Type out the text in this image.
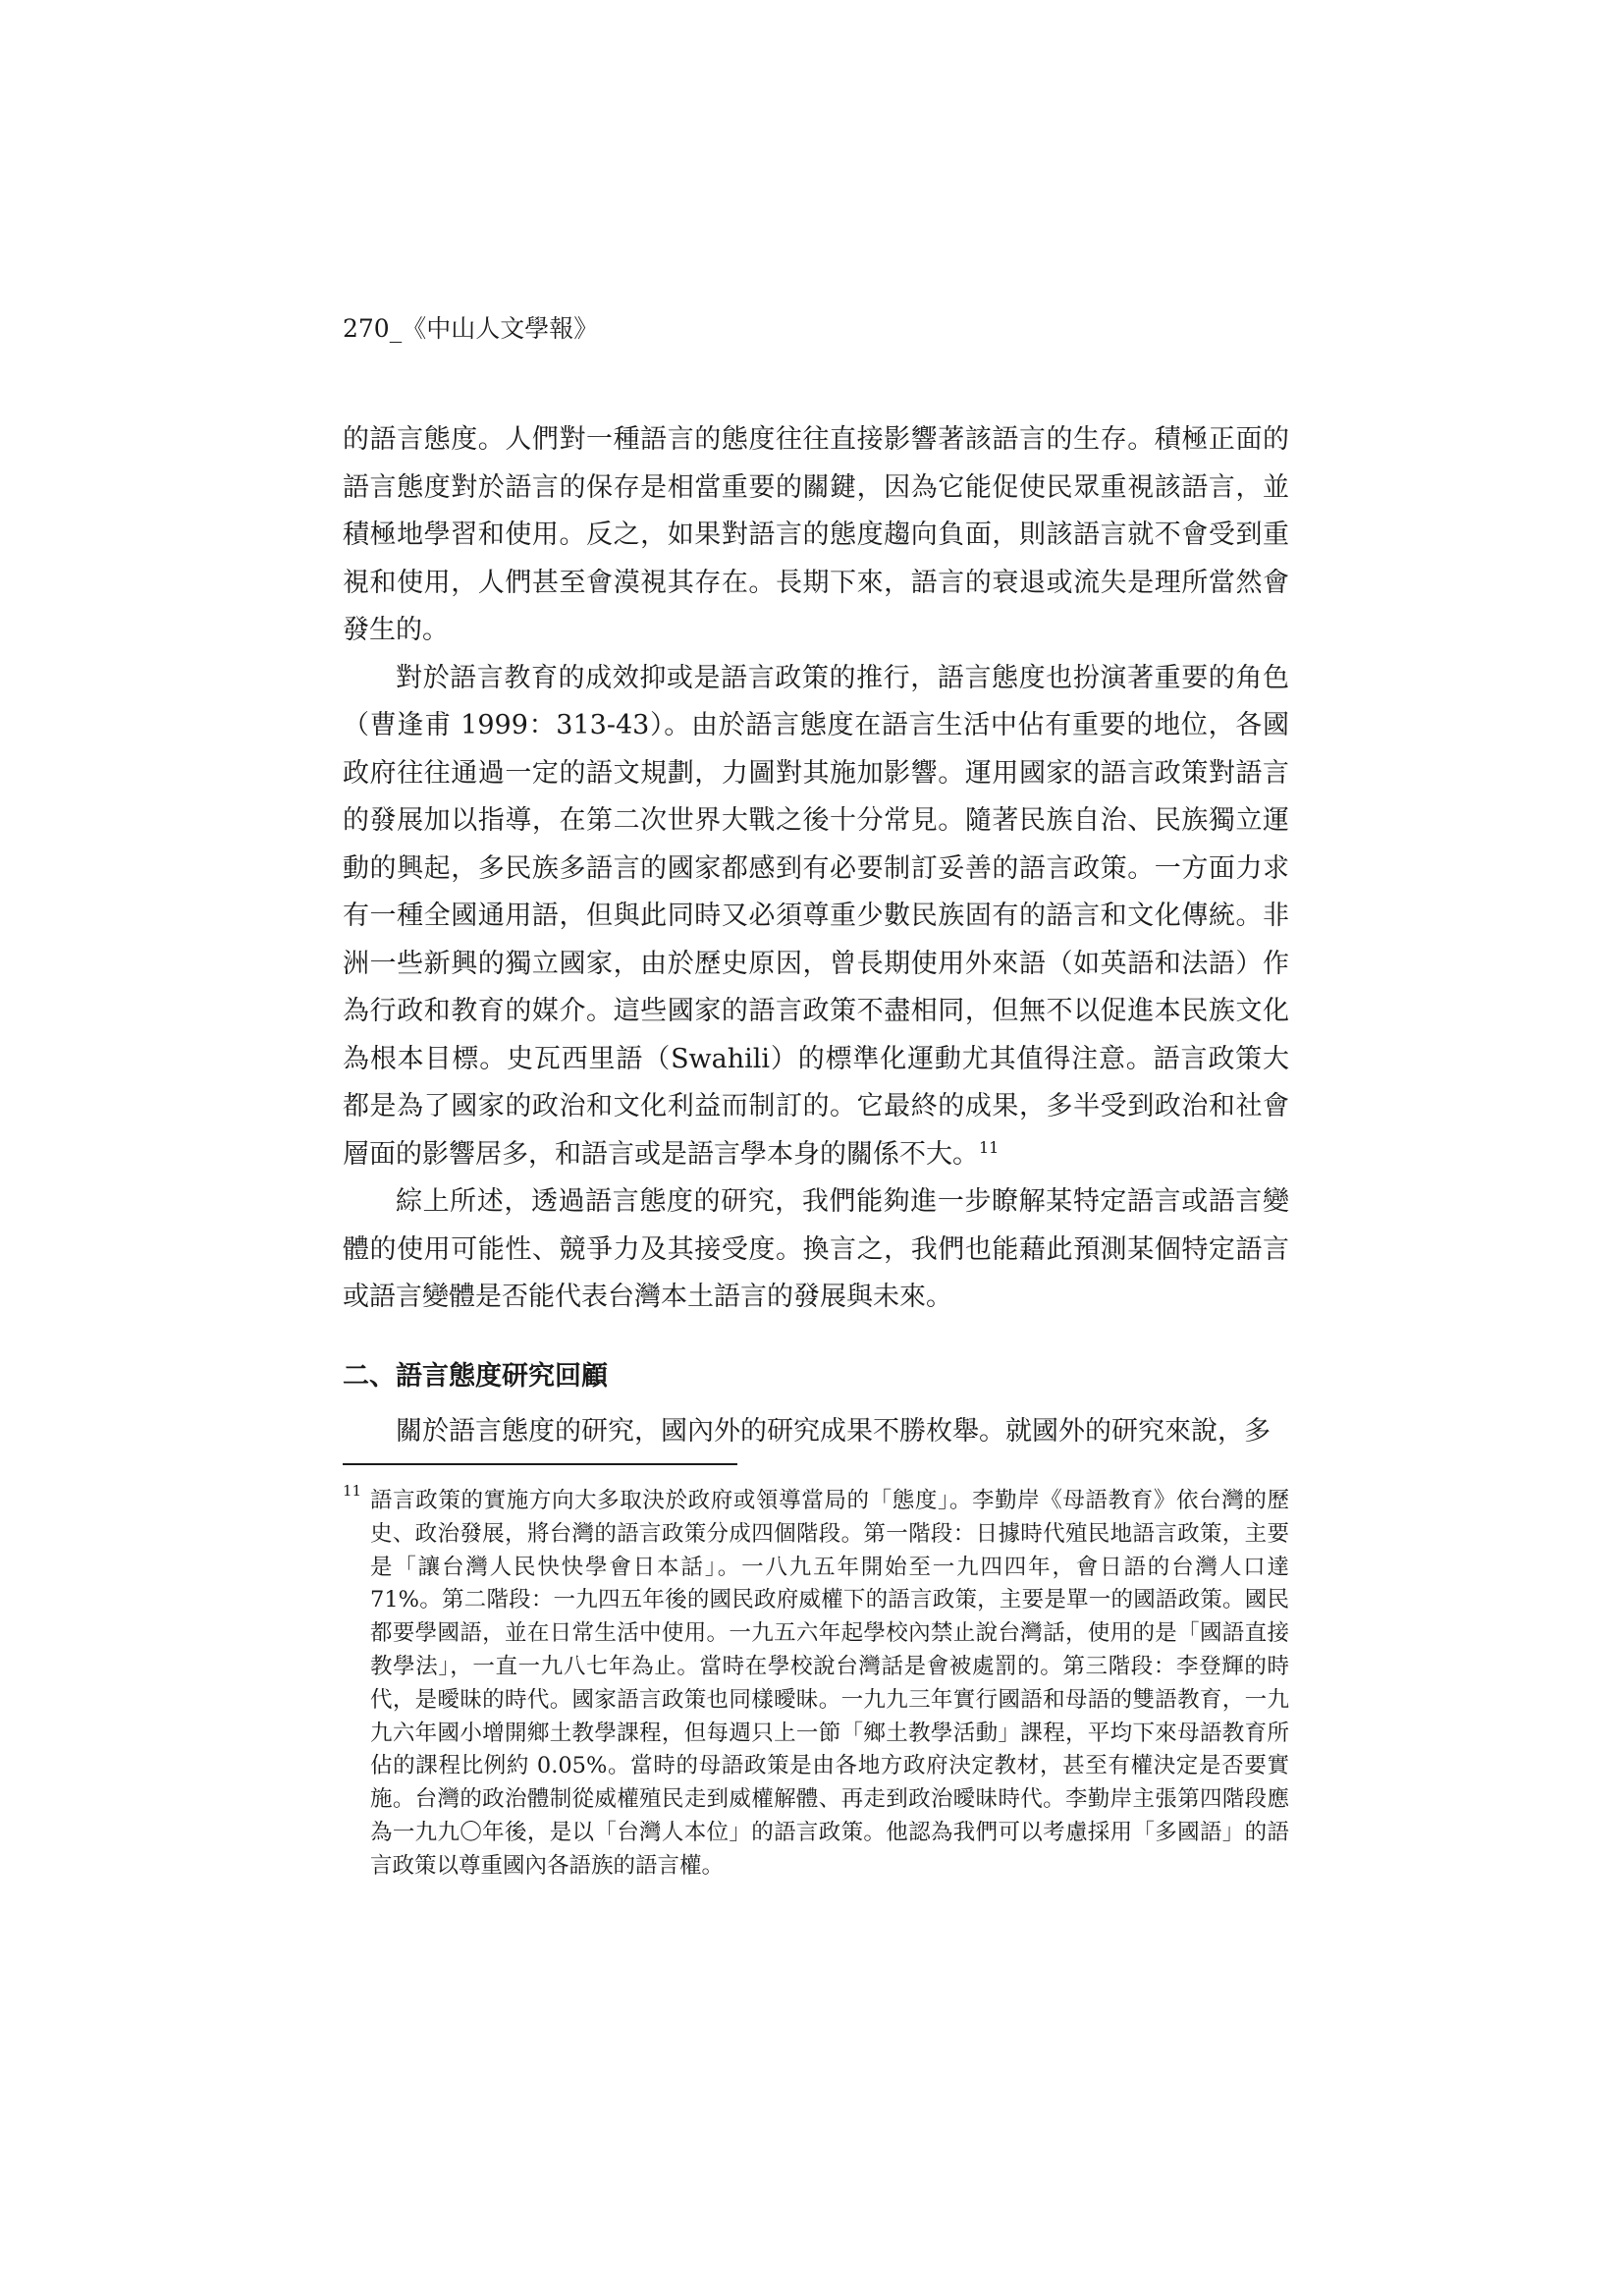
270_《中山人文學報》

的語言態度。人們對一種語言的態度往往直接影響著該語言的生存。積極正面的語言態度對於語言的保存是相當重要的關鍵，因為它能促使民眾重視該語言，並積極地學習和使用。反之，如果對語言的態度趨向負面，則該語言就不會受到重視和使用，人們甚至會漠視其存在。長期下來，語言的衰退或流失是理所當然會發生的。

對於語言教育的成效抑或是語言政策的推行，語言態度也扮演著重要的角色（曹逢甫 1999：313-43）。由於語言態度在語言生活中佔有重要的地位，各國政府往往通過一定的語文規劃，力圖對其施加影響。運用國家的語言政策對語言的發展加以指導，在第二次世界大戰之後十分常見。隨著民族自治、民族獨立運動的興起，多民族多語言的國家都感到有必要制訂妥善的語言政策。一方面力求有一種全國通用語，但與此同時又必須尊重少數民族固有的語言和文化傳統。非洲一些新興的獨立國家，由於歷史原因，曾長期使用外來語（如英語和法語）作為行政和教育的媒介。這些國家的語言政策不盡相同，但無不以促進本民族文化為根本目標。史瓦西里語（Swahili）的標準化運動尤其值得注意。語言政策大都是為了國家的政治和文化利益而制訂的。它最終的成果，多半受到政治和社會層面的影響居多，和語言或是語言學本身的關係不大。$^{11}$

綜上所述，透過語言態度的研究，我們能夠進一步瞭解某特定語言或語言變體的使用可能性、競爭力及其接受度。換言之，我們也能藉此預測某個特定語言或語言變體是否能代表台灣本土語言的發展與未來。

二、語言態度研究回顧

關於語言態度的研究，國內外的研究成果不勝枚舉。就國外的研究來說，多

11 語言政策的實施方向大多取決於政府或領導當局的「態度」。李勤岸《母語教育》依台灣的歷史、政治發展，將台灣的語言政策分成四個階段。第一階段：日據時代殖民地語言政策，主要是「讓台灣人民快快學會日本話」。一八九五年開始至一九四四年，會日語的台灣人口達 71%。第二階段：一九四五年後的國民政府威權下的語言政策，主要是單一的國語政策。國民都要學國語，並在日常生活中使用。一九五六年起學校內禁止說台灣話，使用的是「國語直接教學法」，一直一九八七年為止。當時在學校說台灣話是會被處罰的。第三階段：李登輝的時代，是曖昧的時代。國家語言政策也同樣曖昧。一九九三年實行國語和母語的雙語教育，一九九六年國小增開鄉土教學課程，但每週只上一節「鄉土教學活動」課程，平均下來母語教育所佔的課程比例約 0.05%。當時的母語政策是由各地方政府決定教材，甚至有權決定是否要實施。台灣的政治體制從威權殖民走到威權解體、再走到政治曖昧時代。李勤岸主張第四階段應為一九九〇年後，是以「台灣人本位」的語言政策。他認為我們可以考慮採用「多國語」的語言政策以尊重國內各語族的語言權。
